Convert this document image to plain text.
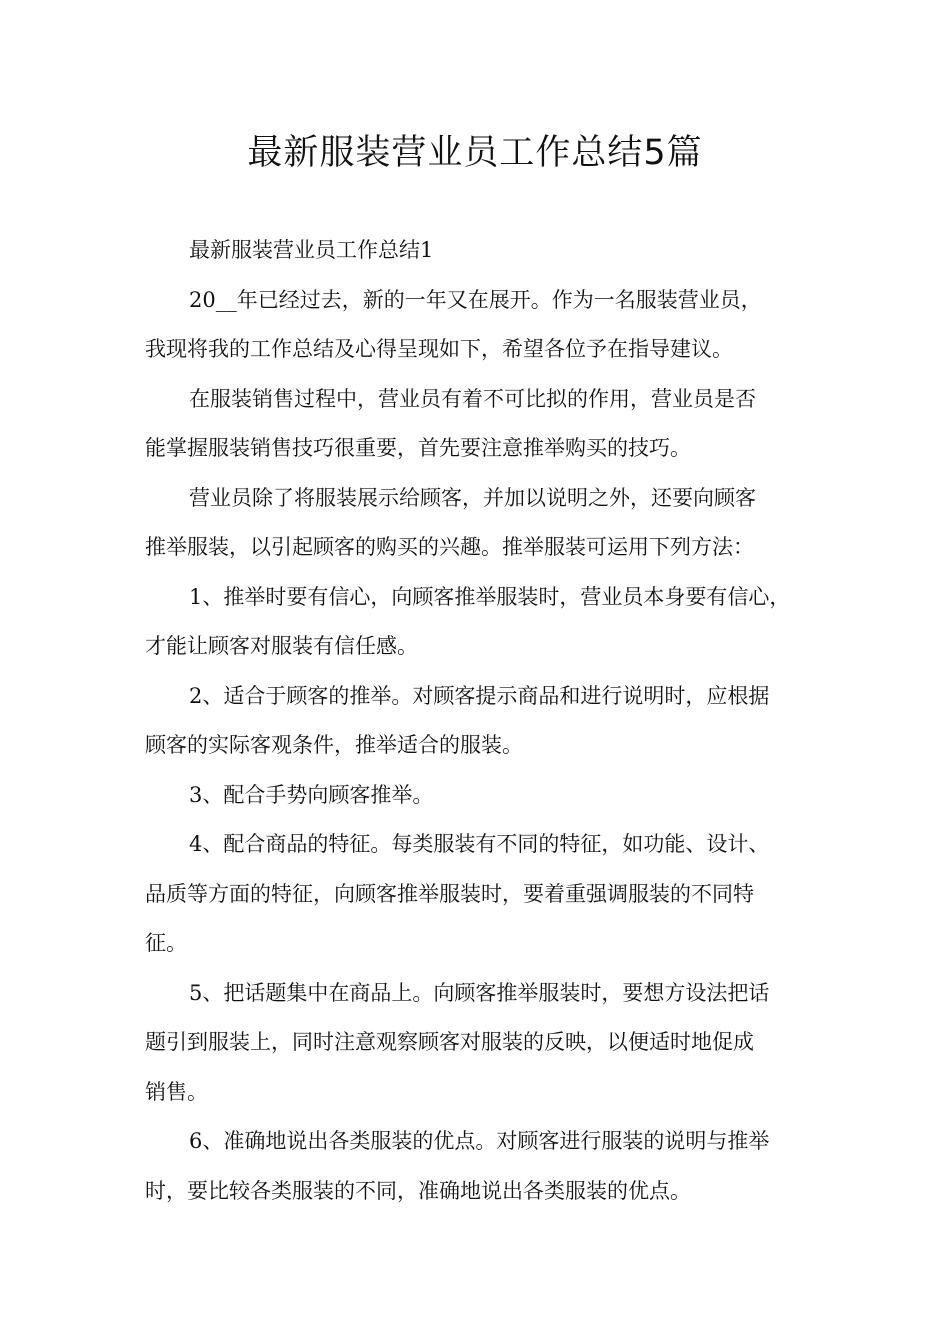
最新服装营业员工作总结5篇
最新服装营业员工作总结1
20__年已经过去，新的一年又在展开。作为一名服装营业员，
我现将我的工作总结及心得呈现如下，希望各位予在指导建议。
在服装销售过程中，营业员有着不可比拟的作用，营业员是否
能掌握服装销售技巧很重要，首先要注意推举购买的技巧。
营业员除了将服装展示给顾客，并加以说明之外，还要向顾客
推举服装，以引起顾客的购买的兴趣。推举服装可运用下列方法：
1、推举时要有信心，向顾客推举服装时，营业员本身要有信心，
才能让顾客对服装有信任感。
2、适合于顾客的推举。对顾客提示商品和进行说明时，应根据
顾客的实际客观条件，推举适合的服装。
3、配合手势向顾客推举。
4、配合商品的特征。每类服装有不同的特征，如功能、设计、
品质等方面的特征，向顾客推举服装时，要着重强调服装的不同特
征。
5、把话题集中在商品上。向顾客推举服装时，要想方设法把话
题引到服装上，同时注意观察顾客对服装的反映，以便适时地促成
销售。
6、准确地说出各类服装的优点。对顾客进行服装的说明与推举
时，要比较各类服装的不同，准确地说出各类服装的优点。
